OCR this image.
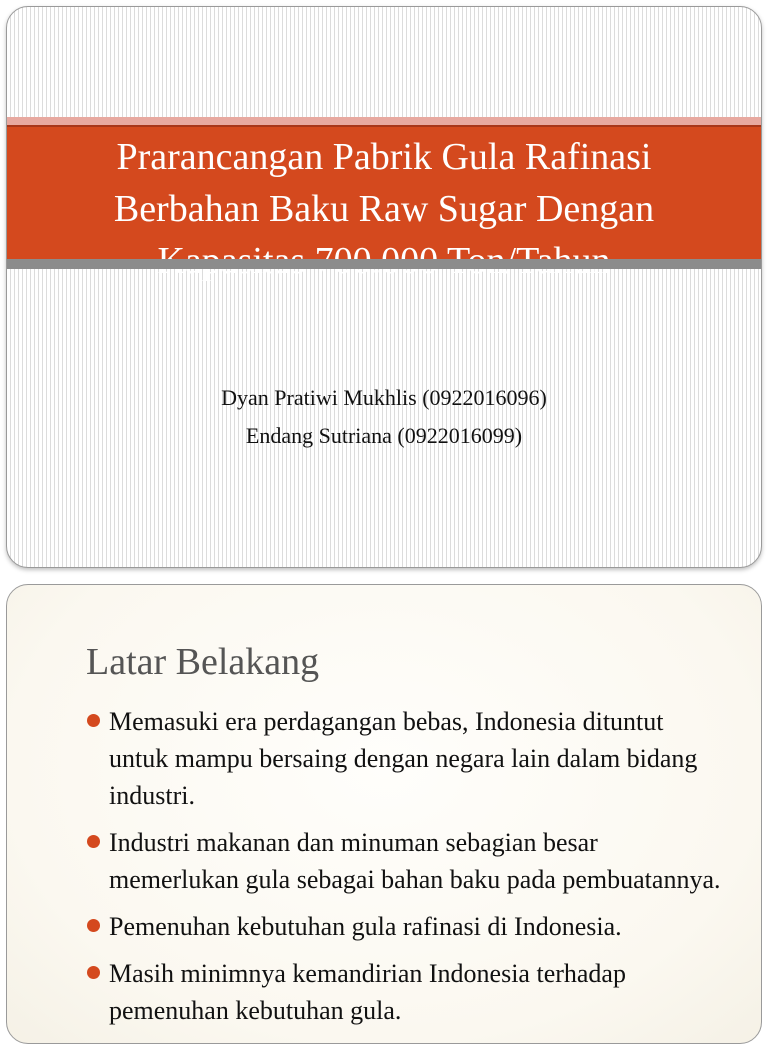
Prarancangan Pabrik Gula Rafinasi
Berbahan Baku Raw Sugar Dengan

Dyan Pratiwi Mukhlis (0922016096)
Endang Sutriana (0922016099)
Latar Belakang
Memasuki era perdagangan bebas, Indonesia dituntut untuk mampu bersaing dengan negara lain dalam bidang industri.
Industri makanan dan minuman sebagian besar memerlukan gula sebagai bahan baku pada pembuatannya.
Pemenuhan kebutuhan gula rafinasi di Indonesia.
Masih minimnya kemandirian Indonesia terhadap pemenuhan kebutuhan gula.
